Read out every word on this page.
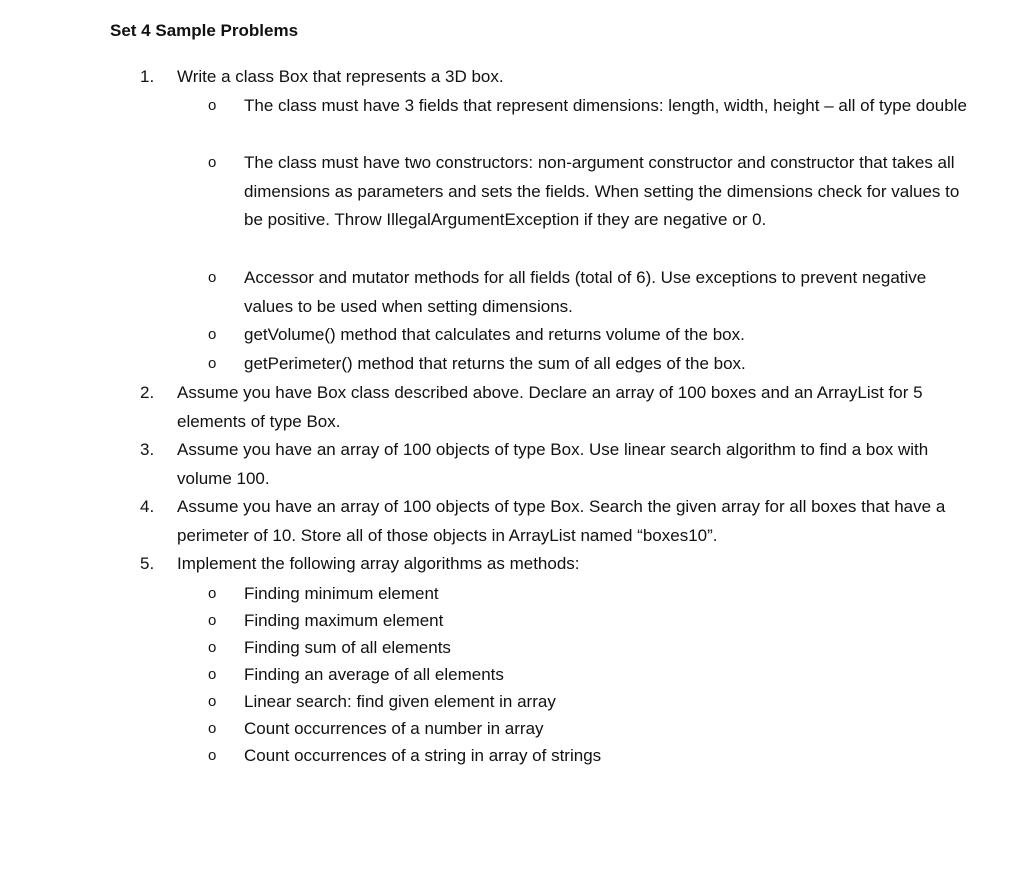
Set 4 Sample Problems
1.	Write a class Box that represents a 3D box.
o	The class must have 3 fields that represent dimensions: length, width, height – all of type double
o	The class must have two constructors: non-argument constructor and constructor that takes all dimensions as parameters and sets the fields. When setting the dimensions check for values to be positive. Throw IllegalArgumentException if they are negative or 0.
o	Accessor and mutator methods for all fields (total of 6). Use exceptions to prevent negative values to be used when setting dimensions.
o	getVolume() method that calculates and returns volume of the box.
o	getPerimeter() method that returns the sum of all edges of the box.
2.	Assume you have Box class described above. Declare an array of 100 boxes and an ArrayList for 5 elements of type Box.
3.	Assume you have an array of 100 objects of type Box. Use linear search algorithm to find a box with volume 100.
4.	Assume you have an array of 100 objects of type Box. Search the given array for all boxes that have a perimeter of 10. Store all of those objects in ArrayList named “boxes10”.
5.	Implement the following array algorithms as methods:
o	Finding minimum element
o	Finding maximum element
o	Finding sum of all elements
o	Finding an average of all elements
o	Linear search: find given element in array
o	Count occurrences of a number in array
o	Count occurrences of a string in array of strings
